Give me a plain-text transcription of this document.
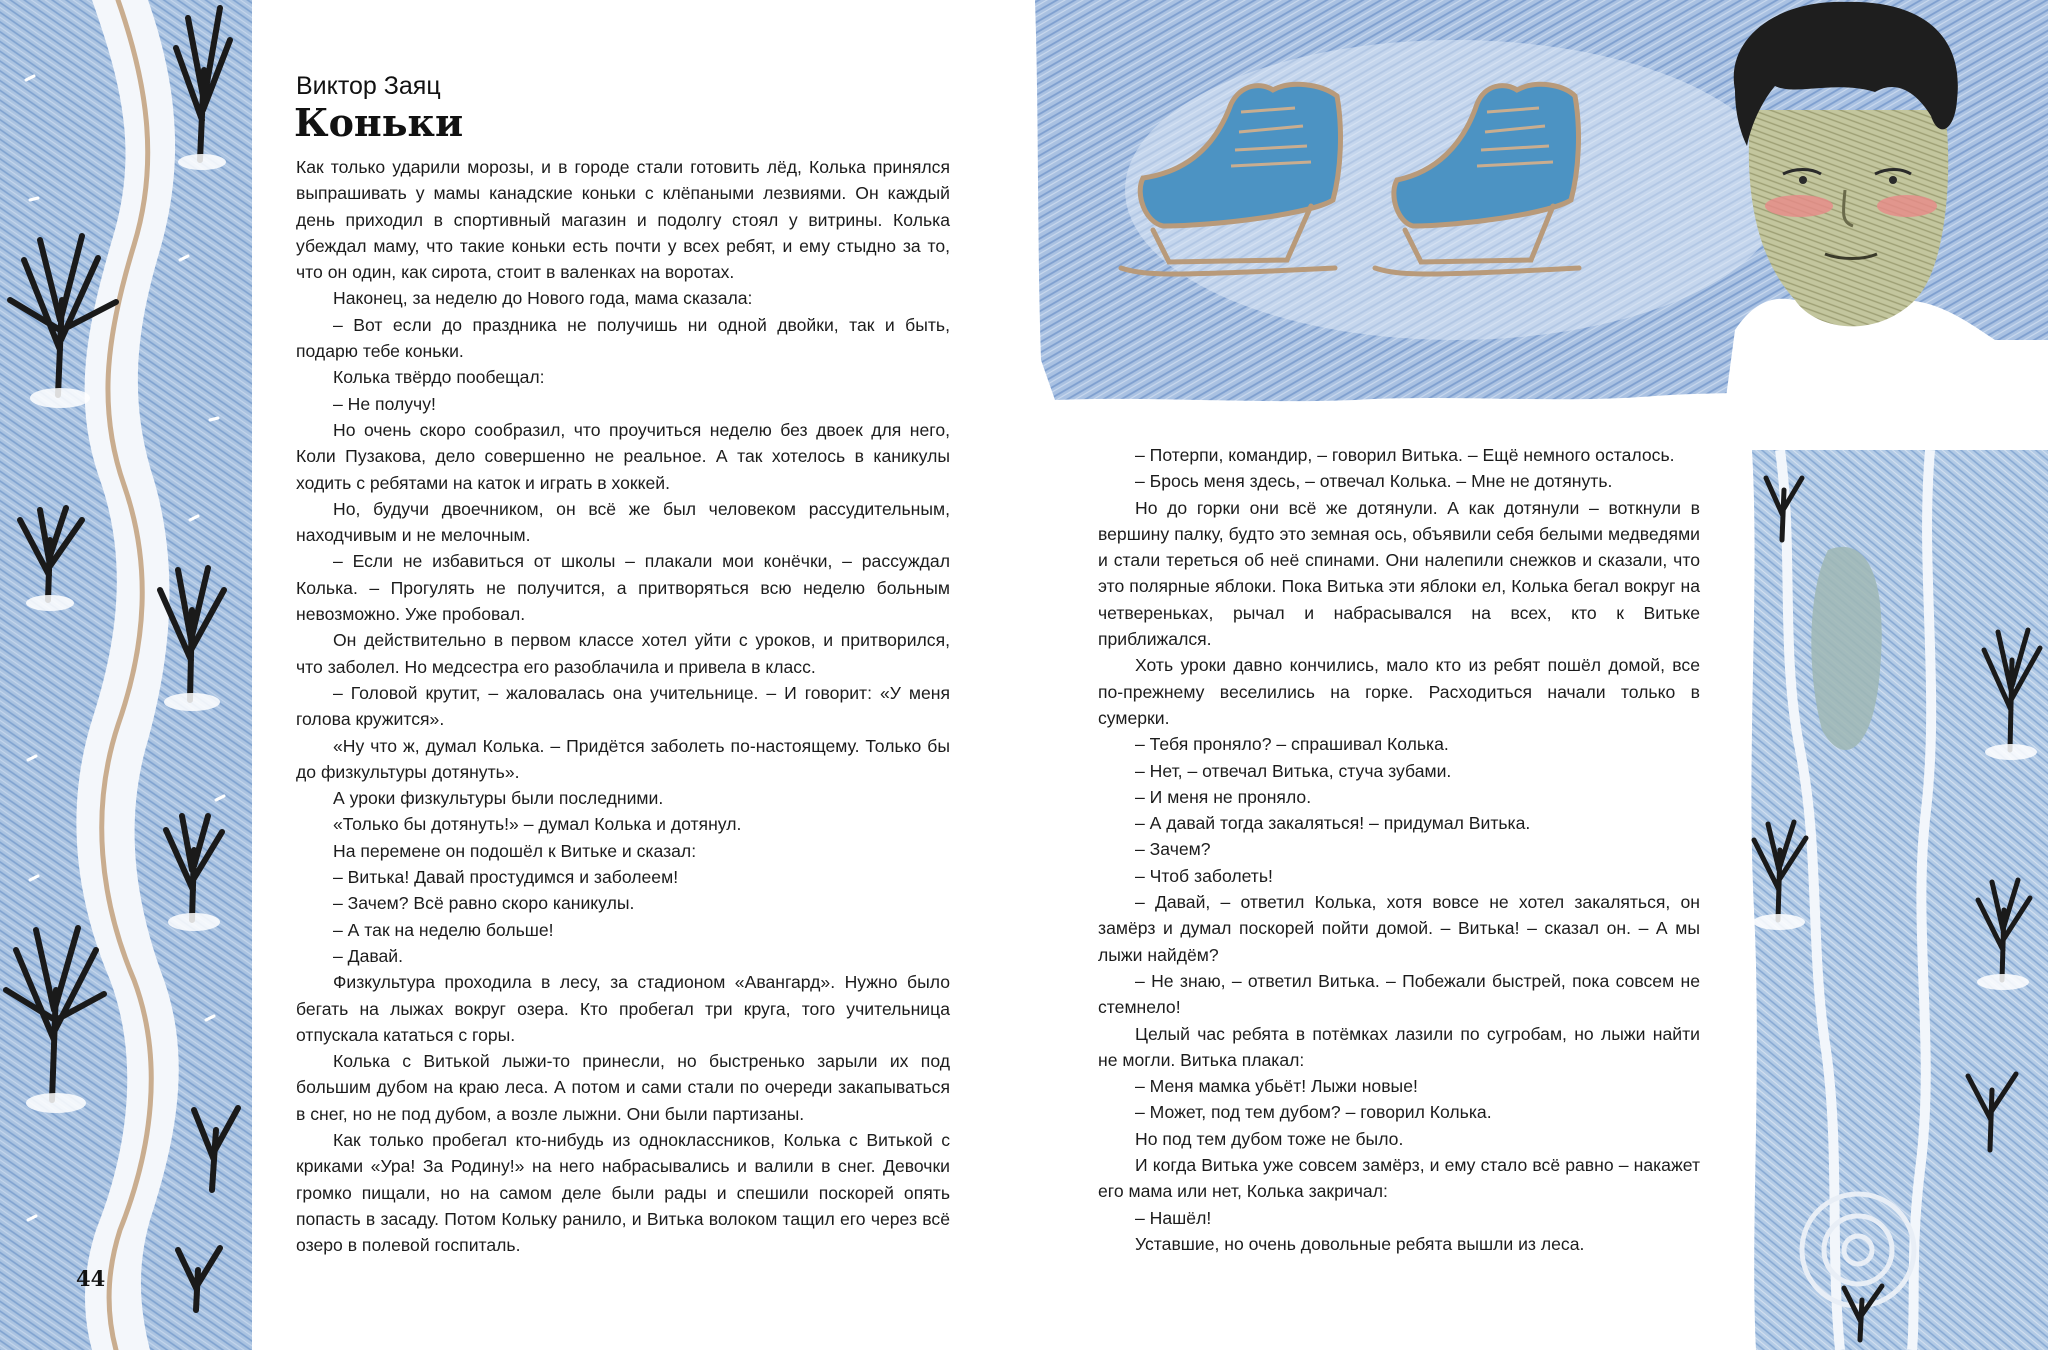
Виктор Заяц
Коньки
Как только ударили морозы, и в городе стали готовить лёд, Колька принялся выпрашивать у мамы канадские коньки с клёпаными лезвиями. Он каждый день приходил в спортивный магазин и подолгу стоял у витрины. Колька убеждал маму, что такие коньки есть почти у всех ребят, и ему стыдно за то, что он один, как сирота, стоит в валенках на воротах.
Наконец, за неделю до Нового года, мама сказала:
– Вот если до праздника не получишь ни одной двойки, так и быть, подарю тебе коньки.
Колька твёрдо пообещал:
– Не получу!
Но очень скоро сообразил, что проучиться неделю без двоек для него, Коли Пузакова, дело совершенно не реальное. А так хотелось в каникулы ходить с ребятами на каток и играть в хоккей.
Но, будучи двоечником, он всё же был человеком рассудительным, находчивым и не мелочным.
– Если не избавиться от школы – плакали мои конёчки, – рассуждал Колька. – Прогулять не получится, а притворяться всю неделю больным невозможно. Уже пробовал.
Он действительно в первом классе хотел уйти с уроков, и притворился, что заболел. Но медсестра его разоблачила и привела в класс.
– Головой крутит, – жаловалась она учительнице. – И говорит: «У меня голова кружится».
«Ну что ж, думал Колька. – Придётся заболеть по-настоящему. Только бы до физкультуры дотянуть».
А уроки физкультуры были последними.
«Только бы дотянуть!» – думал Колька и дотянул.
На перемене он подошёл к Витьке и сказал:
– Витька! Давай простудимся и заболеем!
– Зачем? Всё равно скоро каникулы.
– А так на неделю больше!
– Давай.
Физкультура проходила в лесу, за стадионом «Авангард». Нужно было бегать на лыжах вокруг озера. Кто пробегал три круга, того учительница отпускала кататься с горы.
Колька с Витькой лыжи-то принесли, но быстренько зарыли их под большим дубом на краю леса. А потом и сами стали по очереди закапываться в снег, но не под дубом, а возле лыжни. Они были партизаны.
Как только пробегал кто-нибудь из одноклассников, Колька с Витькой с криками «Ура! За Родину!» на него набрасывались и валили в снег. Девочки громко пищали, но на самом деле были рады и спешили поскорей опять попасть в засаду. Потом Кольку ранило, и Витька волоком тащил его через всё озеро в полевой госпиталь.
– Потерпи, командир, – говорил Витька. – Ещё немного осталось.
– Брось меня здесь, – отвечал Колька. – Мне не дотянуть.
Но до горки они всё же дотянули. А как дотянули – воткнули в вершину палку, будто это земная ось, объявили себя белыми медведями и стали тереться об неё спинами. Они налепили снежков и сказали, что это полярные яблоки. Пока Витька эти яблоки ел, Колька бегал вокруг на четвереньках, рычал и набрасывался на всех, кто к Витьке приближался.
Хоть уроки давно кончились, мало кто из ребят пошёл домой, все по-прежнему веселились на горке. Расходиться начали только в сумерки.
– Тебя проняло? – спрашивал Колька.
– Нет, – отвечал Витька, стуча зубами.
– И меня не проняло.
– А давай тогда закаляться! – придумал Витька.
– Зачем?
– Чтоб заболеть!
– Давай, – ответил Колька, хотя вовсе не хотел закаляться, он замёрз и думал поскорей пойти домой. – Витька! – сказал он. – А мы лыжи найдём?
– Не знаю, – ответил Витька. – Побежали быстрей, пока совсем не стемнело!
Целый час ребята в потёмках лазили по сугробам, но лыжи найти не могли. Витька плакал:
– Меня мамка убьёт! Лыжи новые!
– Может, под тем дубом? – говорил Колька.
Но под тем дубом тоже не было.
И когда Витька уже совсем замёрз, и ему стало всё равно – накажет его мама или нет, Колька закричал:
– Нашёл!
Уставшие, но очень довольные ребята вышли из леса.
44
